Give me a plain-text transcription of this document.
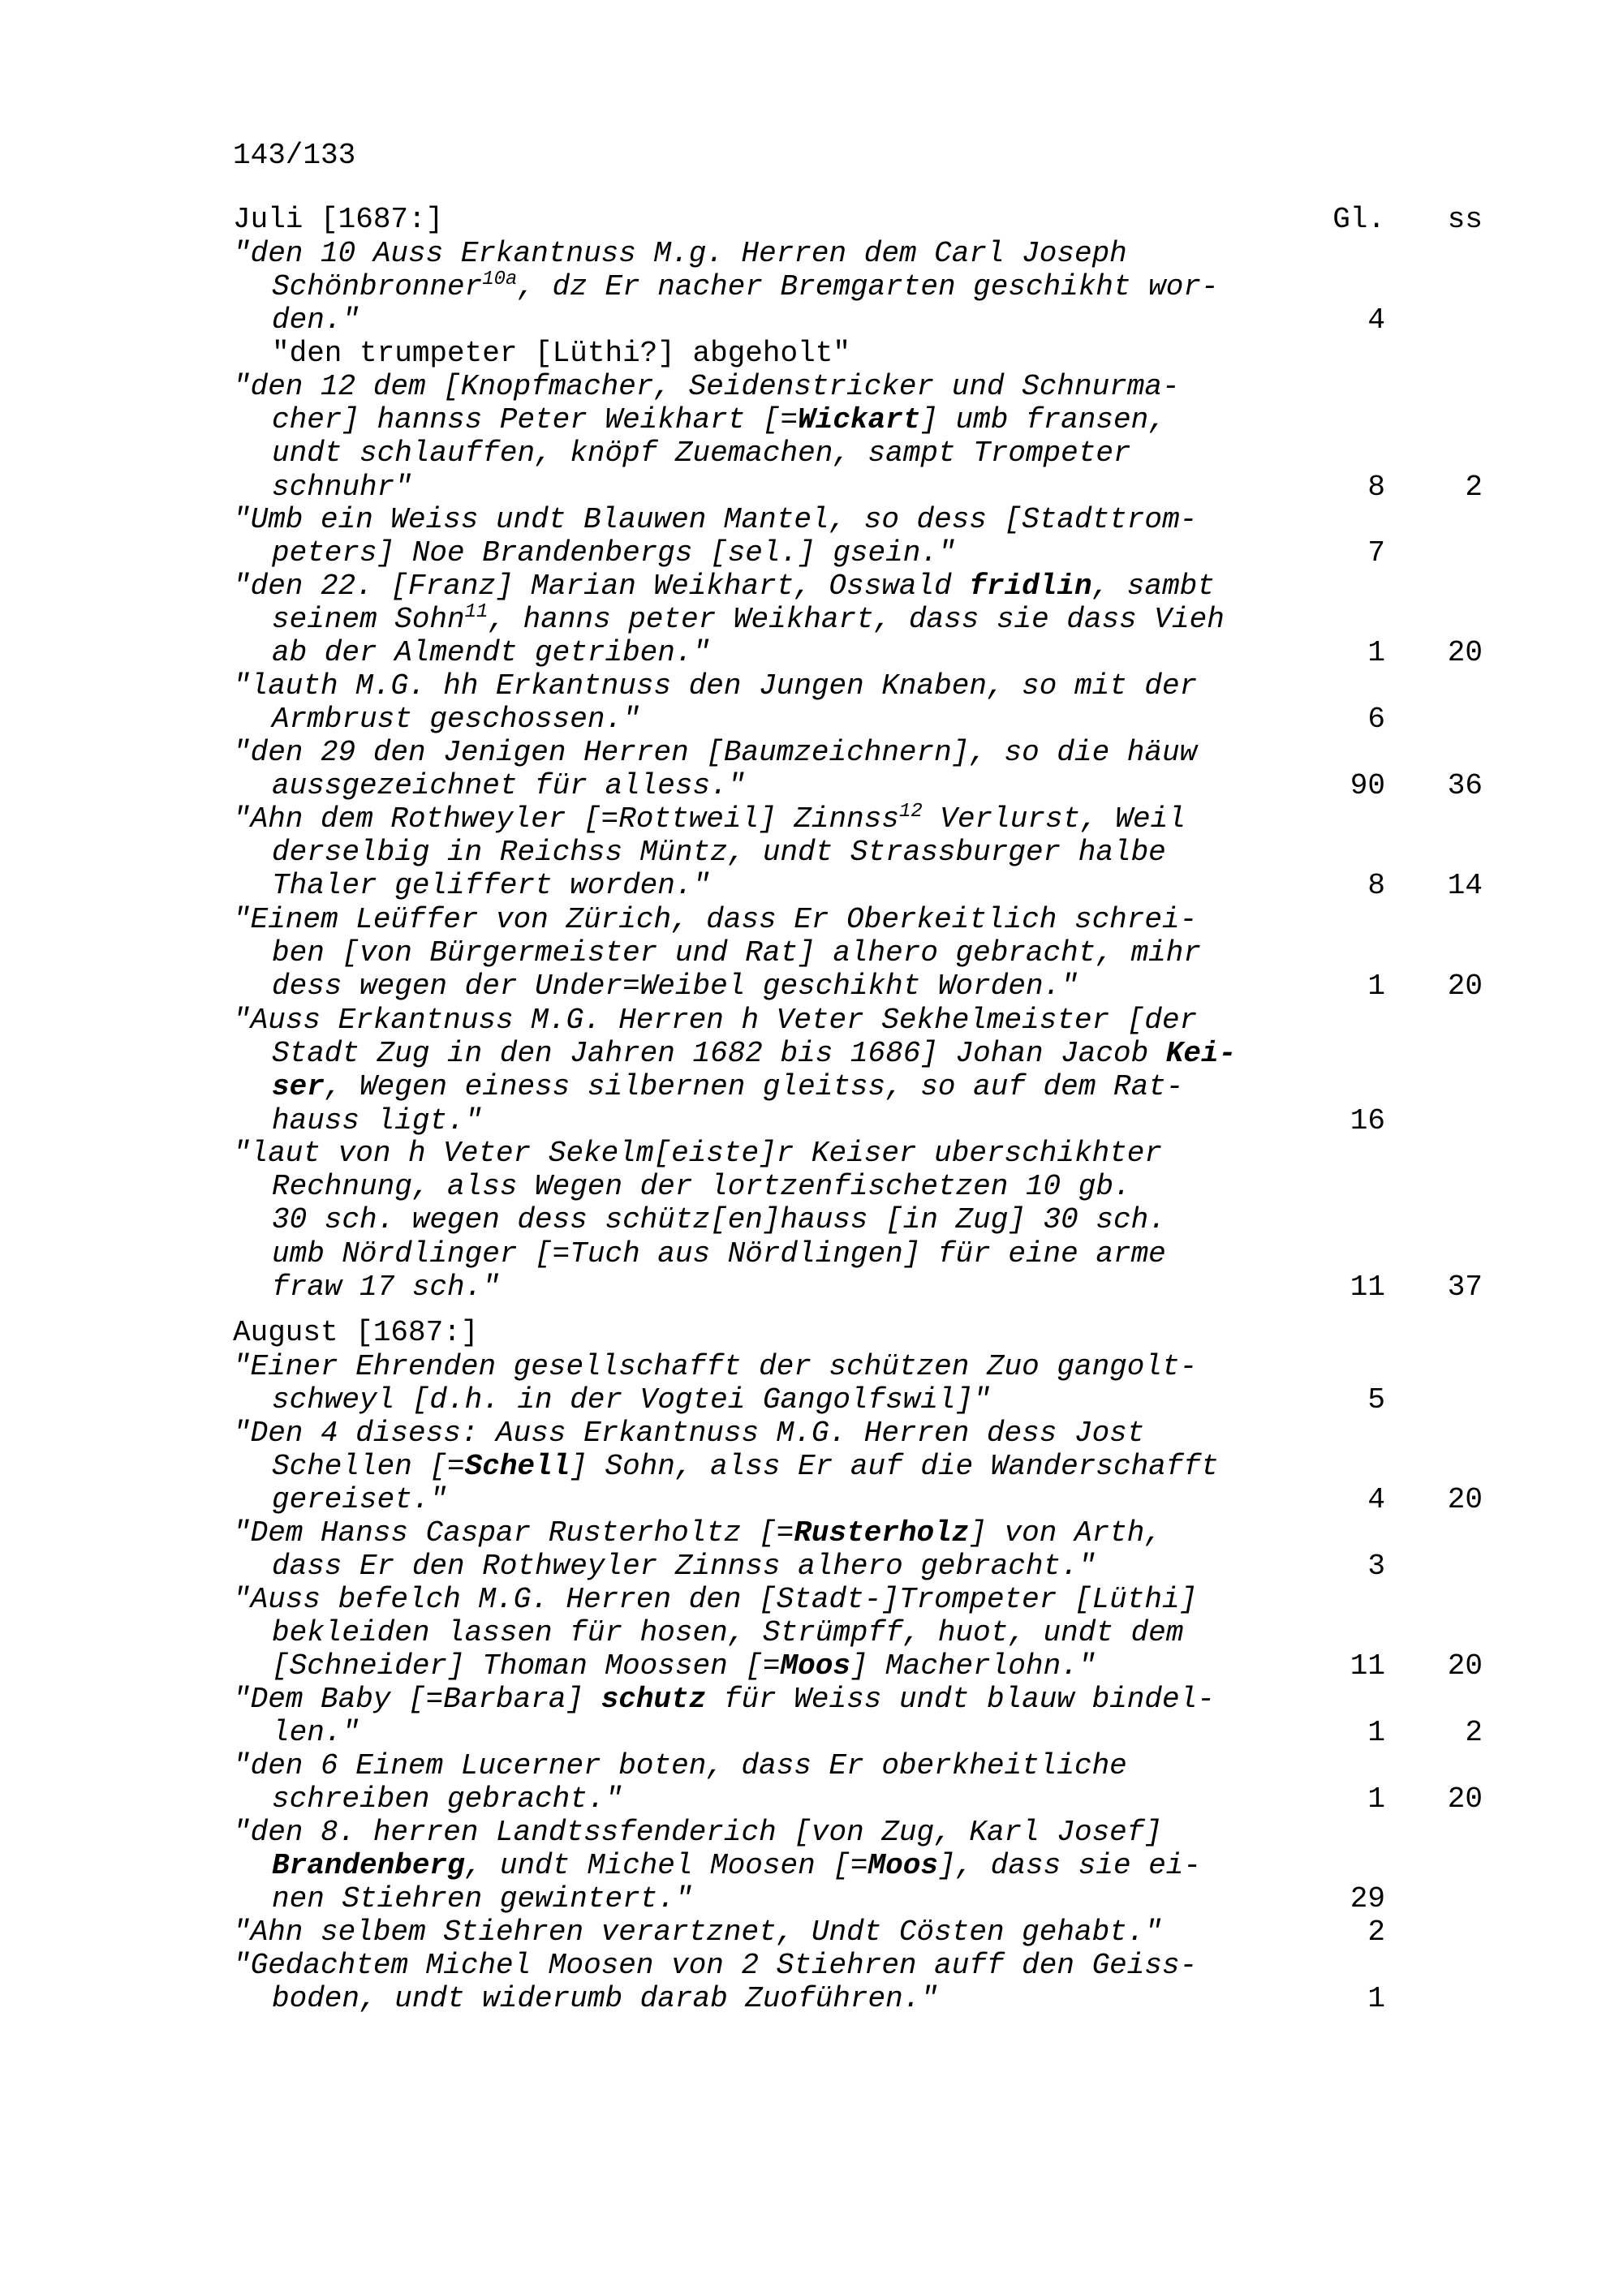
143/133
Juli [1687:]	Gl.	ss
"den 10 Auss Erkantnuss M.g. Herren dem Carl Joseph
Schönbronner$^{10a}$, dz Er nacher Bremgarten geschikht wor-
den."	4
"den trumpeter [Lüthi?] abgeholt"
"den 12 dem [Knopfmacher, Seidenstricker und Schnurma-
cher] hannss Peter Weikhart [=Wickart] umb fransen,
undt schlauffen, knöpf Zuemachen, sampt Trompeter
schnuhr"	8	2
"Umb ein Weiss undt Blauwen Mantel, so dess [Stadttrom-
peters] Noe Brandenbergs [sel.] gsein."	7
"den 22. [Franz] Marian Weikhart, Osswald fridlin, sambt
seinem Sohn$^{11}$, hanns peter Weikhart, dass sie dass Vieh
ab der Almendt getriben."	1	20
"lauth M.G. hh Erkantnuss den Jungen Knaben, so mit der
Armbrust geschossen."	6
"den 29 den Jenigen Herren [Baumzeichnern], so die häuw
aussgezeichnet für alless."	90	36
"Ahn dem Rothweyler [=Rottweil] Zinnss$^{12}$ Verlurst, Weil
derselbig in Reichss Müntz, undt Strassburger halbe
Thaler geliffert worden."	8	14
"Einem Leüffer von Zürich, dass Er Oberkeitlich schrei-
ben [von Bürgermeister und Rat] alhero gebracht, mihr
dess wegen der Under=Weibel geschikht Worden."	1	20
"Auss Erkantnuss M.G. Herren h Veter Sekhelmeister [der
Stadt Zug in den Jahren 1682 bis 1686] Johan Jacob Kei-
ser, Wegen einess silbernen gleitss, so auf dem Rat-
hauss ligt."	16
"laut von h Veter Sekelm[eiste]r Keiser uberschikhter
Rechnung, alss Wegen der lortzenfischetzen 10 gb.
30 sch. wegen dess schütz[en]hauss [in Zug] 30 sch.
umb Nördlinger [=Tuch aus Nördlingen] für eine arme
fraw 17 sch."	11	37
August [1687:]
"Einer Ehrenden gesellschafft der schützen Zuo gangolt-
schweyl [d.h. in der Vogtei Gangolfswil]"	5
"Den 4 disess: Auss Erkantnuss M.G. Herren dess Jost
Schellen [=Schell] Sohn, alss Er auf die Wanderschafft
gereiset."	4	20
"Dem Hanss Caspar Rusterholtz [=Rusterholz] von Arth,
dass Er den Rothweyler Zinnss alhero gebracht."	3
"Auss befelch M.G. Herren den [Stadt-]Trompeter [Lüthi]
bekleiden lassen für hosen, Strümpff, huot, undt dem
[Schneider] Thoman Moossen [=Moos] Macherlohn."	11	20
"Dem Baby [=Barbara] schutz für Weiss undt blauw bindel-
len."	1	2
"den 6 Einem Lucerner boten, dass Er oberkheitliche
schreiben gebracht."	1	20
"den 8. herren Landtssfenderich [von Zug, Karl Josef]
Brandenberg, undt Michel Moosen [=Moos], dass sie ei-
nen Stiehren gewintert."	29
"Ahn selbem Stiehren verartznet, Undt Cösten gehabt."	2
"Gedachtem Michel Moosen von 2 Stiehren auff den Geiss-
boden, undt widerumb darab Zuoführen."	1
